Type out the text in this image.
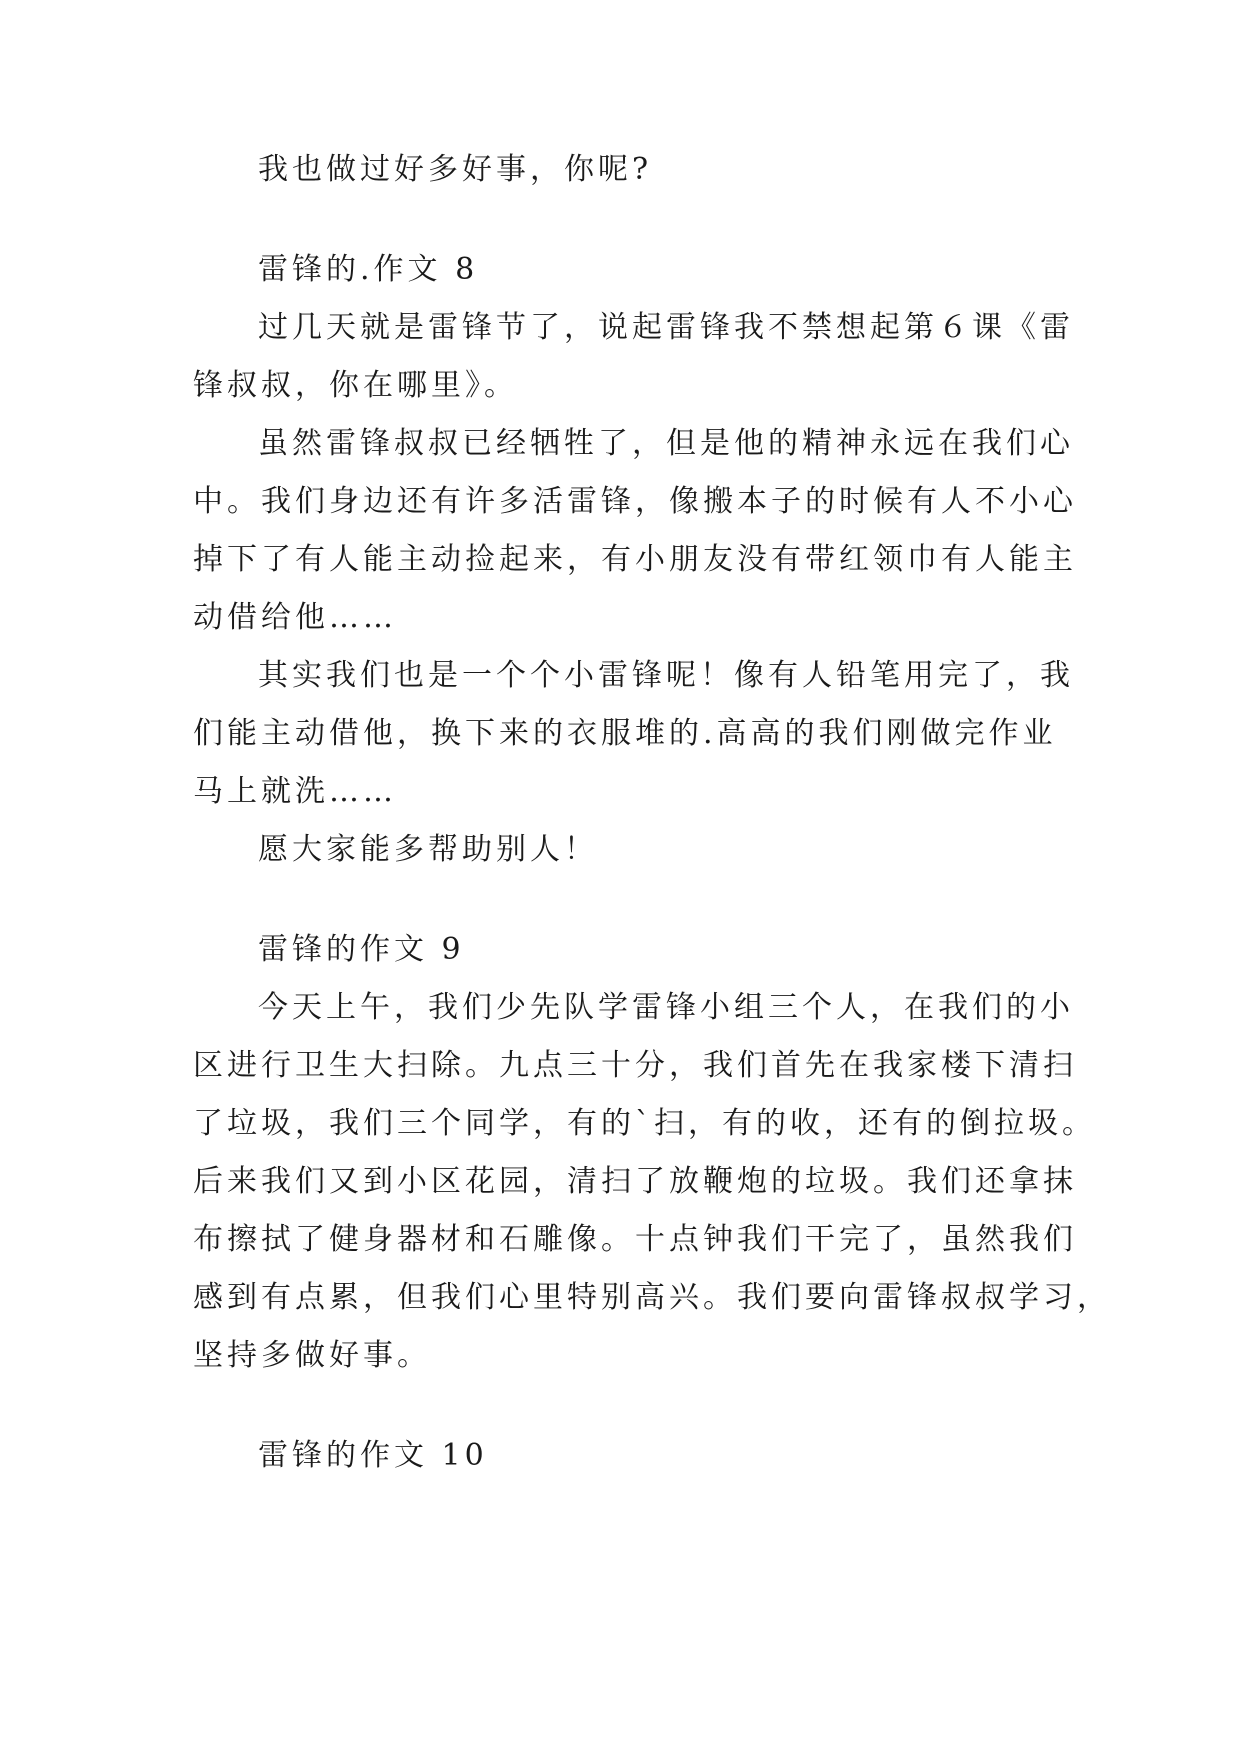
我也做过好多好事，你呢?
雷锋的.作文 8
过几天就是雷锋节了，说起雷锋我不禁想起第６课《雷
锋叔叔，你在哪里》。
虽然雷锋叔叔已经牺牲了，但是他的精神永远在我们心
中。我们身边还有许多活雷锋，像搬本子的时候有人不小心
掉下了有人能主动捡起来，有小朋友没有带红领巾有人能主
动借给他……
其实我们也是一个个小雷锋呢！像有人铅笔用完了，我
们能主动借他，换下来的衣服堆的.高高的我们刚做完作业
马上就洗……
愿大家能多帮助别人！
雷锋的作文 9
今天上午，我们少先队学雷锋小组三个人，在我们的小
区进行卫生大扫除。九点三十分，我们首先在我家楼下清扫
了垃圾，我们三个同学，有的`扫，有的收，还有的倒拉圾。
后来我们又到小区花园，清扫了放鞭炮的垃圾。我们还拿抹
布擦拭了健身器材和石雕像。十点钟我们干完了，虽然我们
感到有点累，但我们心里特别高兴。我们要向雷锋叔叔学习，
坚持多做好事。
雷锋的作文 10
